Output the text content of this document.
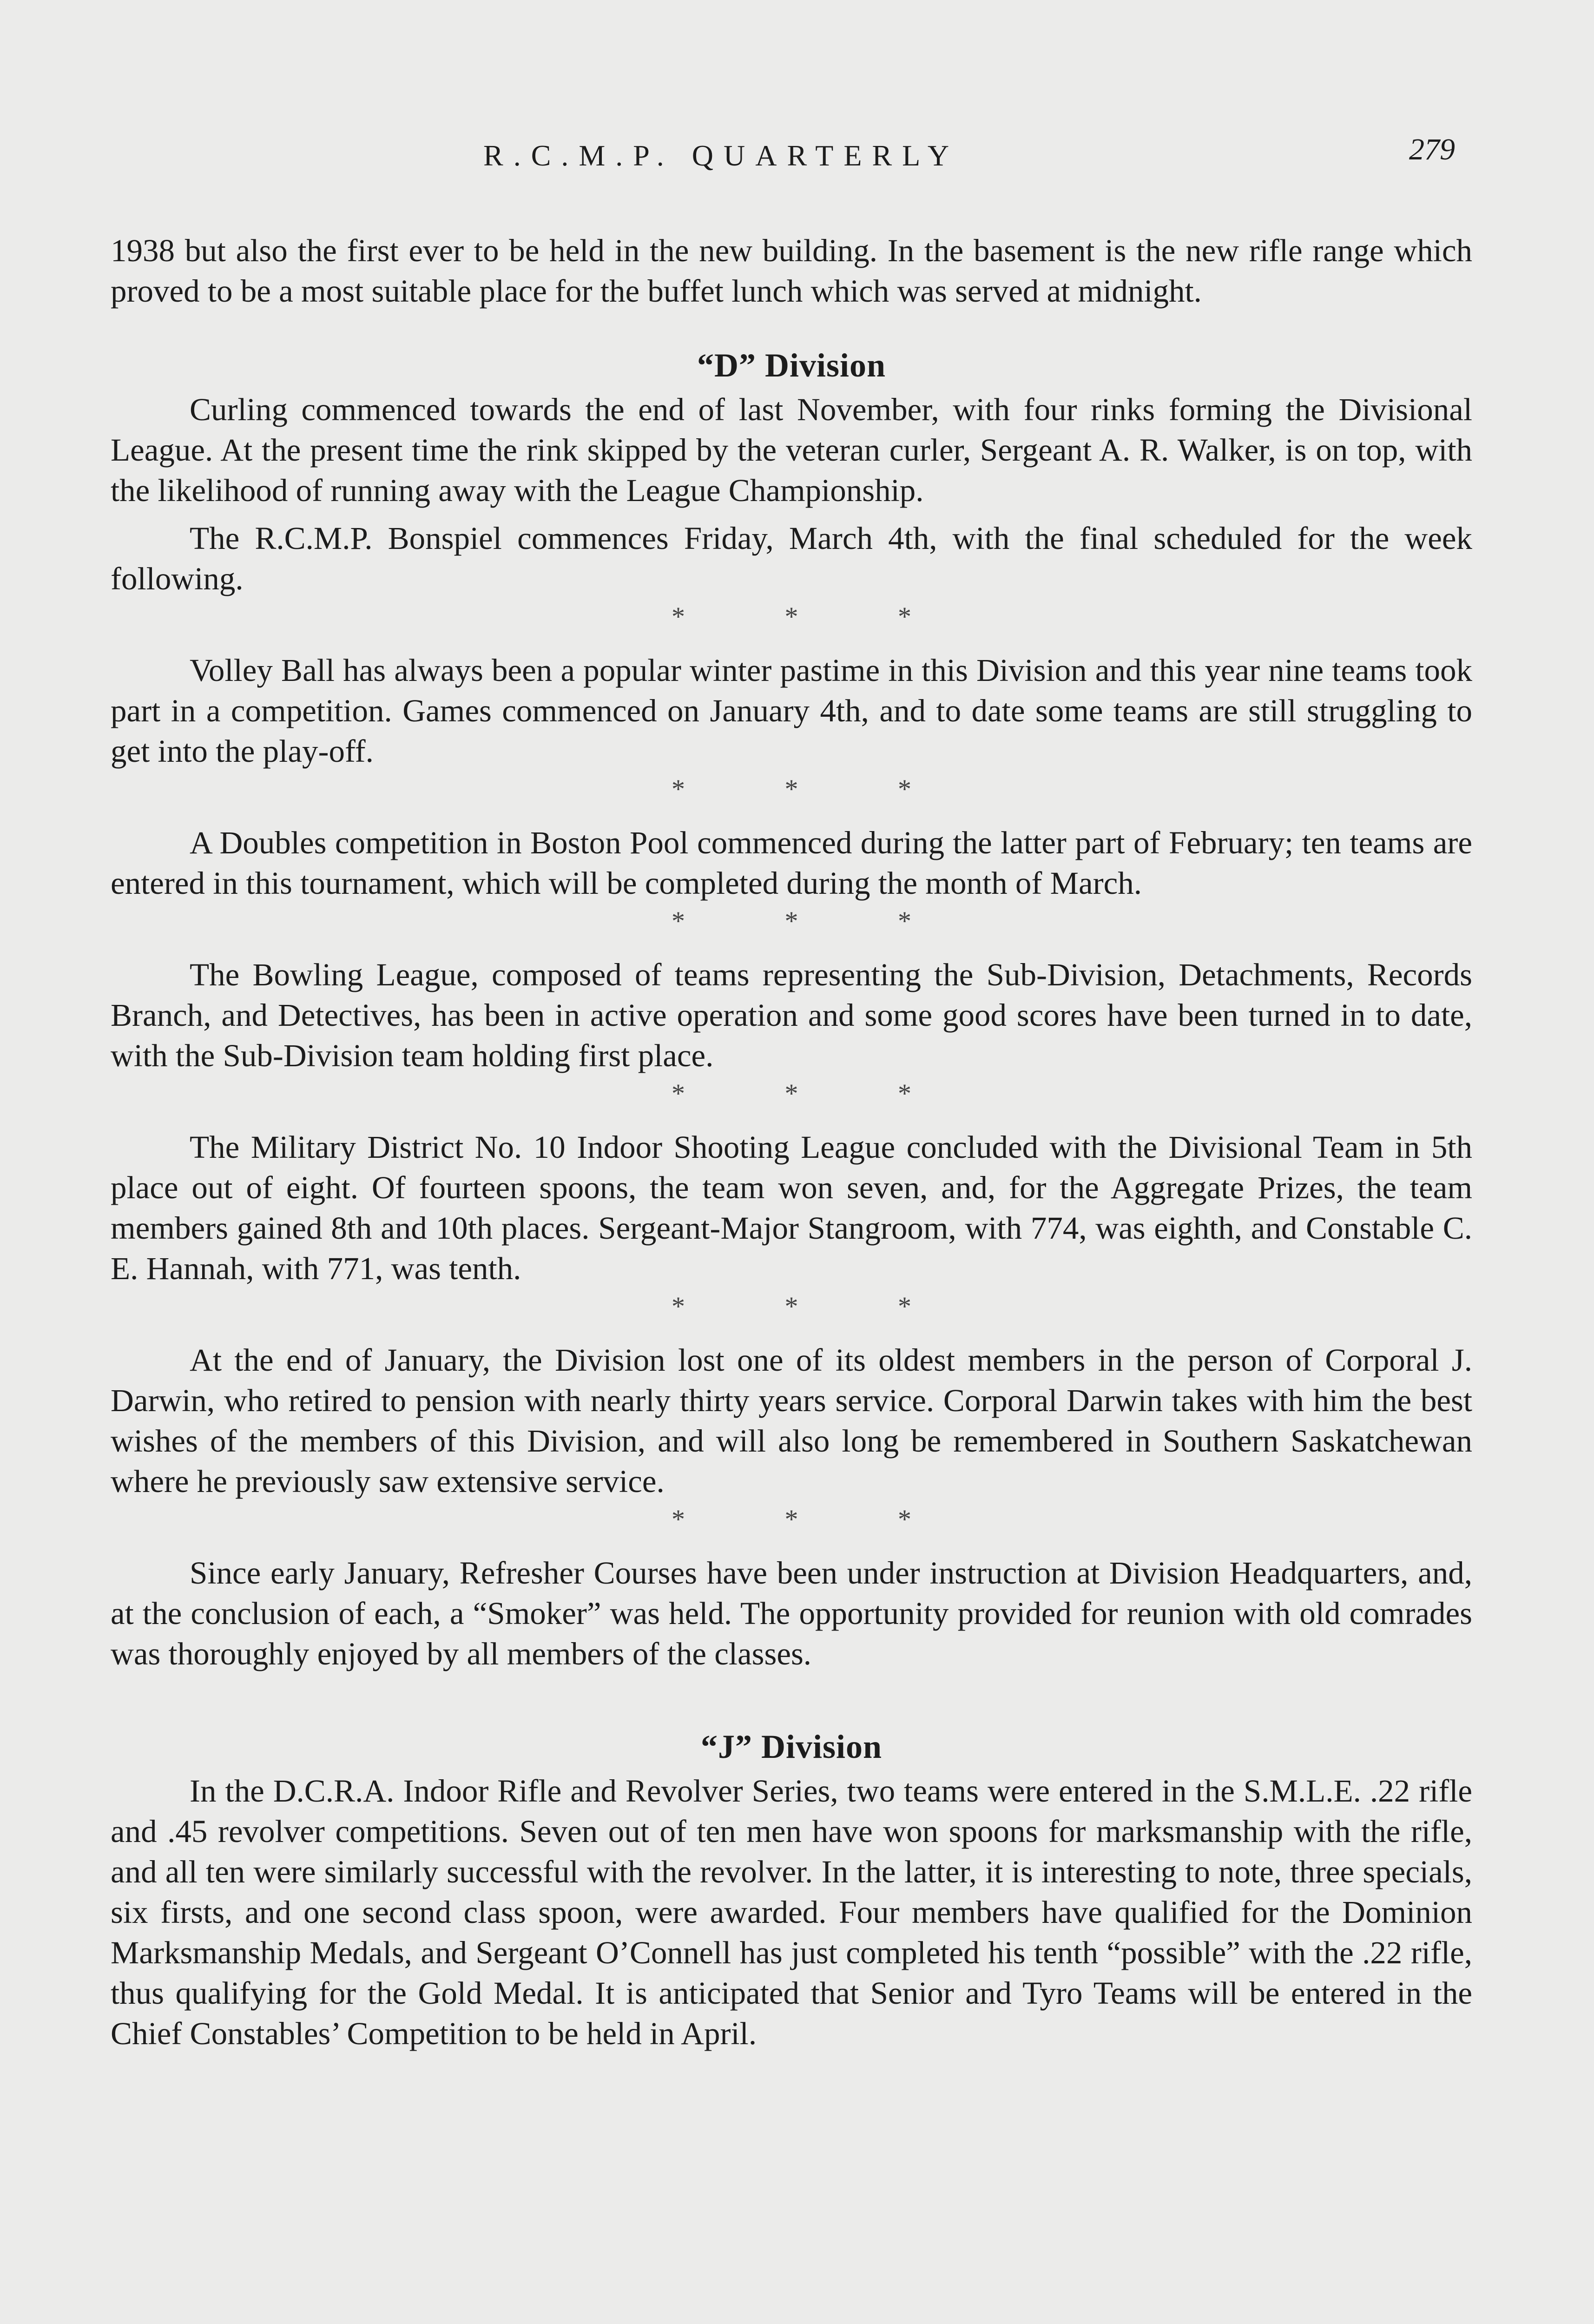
R.C.M.P. QUARTERLY	279

1938 but also the first ever to be held in the new building. In the basement is the new rifle range which proved to be a most suitable place for the buffet lunch which was served at midnight.

“D” Division

Curling commenced towards the end of last November, with four rinks forming the Divisional League. At the present time the rink skipped by the veteran curler, Sergeant A. R. Walker, is on top, with the likelihood of running away with the League Championship.

The R.C.M.P. Bonspiel commences Friday, March 4th, with the final scheduled for the week following.

* * *

Volley Ball has always been a popular winter pastime in this Division and this year nine teams took part in a competition. Games commenced on January 4th, and to date some teams are still struggling to get into the play-off.

* * *

A Doubles competition in Boston Pool commenced during the latter part of February; ten teams are entered in this tournament, which will be completed during the month of March.

* * *

The Bowling League, composed of teams representing the Sub-Division, Detachments, Records Branch, and Detectives, has been in active operation and some good scores have been turned in to date, with the Sub-Division team holding first place.

* * *

The Military District No. 10 Indoor Shooting League concluded with the Divisional Team in 5th place out of eight. Of fourteen spoons, the team won seven, and, for the Aggregate Prizes, the team members gained 8th and 10th places. Sergeant-Major Stangroom, with 774, was eighth, and Constable C. E. Hannah, with 771, was tenth.

* * *

At the end of January, the Division lost one of its oldest members in the person of Corporal J. Darwin, who retired to pension with nearly thirty years service. Corporal Darwin takes with him the best wishes of the members of this Division, and will also long be remembered in Southern Saskatchewan where he previously saw extensive service.

* * *

Since early January, Refresher Courses have been under instruction at Division Headquarters, and, at the conclusion of each, a “Smoker” was held. The opportunity provided for reunion with old comrades was thoroughly enjoyed by all members of the classes.

“J” Division

In the D.C.R.A. Indoor Rifle and Revolver Series, two teams were entered in the S.M.L.E. .22 rifle and .45 revolver competitions. Seven out of ten men have won spoons for marksmanship with the rifle, and all ten were similarly successful with the revolver. In the latter, it is interesting to note, three specials, six firsts, and one second class spoon, were awarded. Four members have qualified for the Dominion Marksmanship Medals, and Sergeant O’Connell has just completed his tenth “possible” with the .22 rifle, thus qualifying for the Gold Medal. It is anticipated that Senior and Tyro Teams will be entered in the Chief Constables’ Competition to be held in April.
